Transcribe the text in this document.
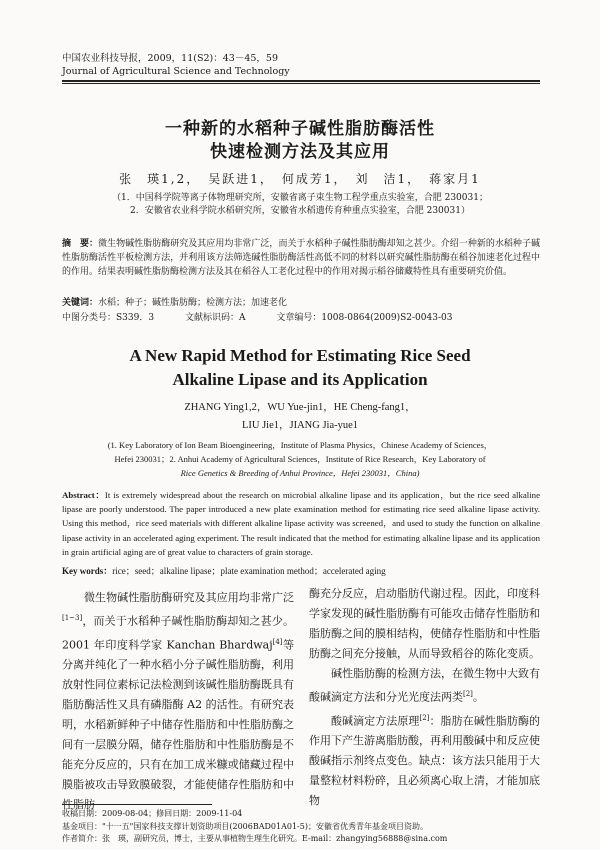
中国农业科技导报，2009，11(S2)：43－45，59
Journal of Agricultural Science and Technology
一种新的水稻种子碱性脂肪酶活性
快速检测方法及其应用
张　瑛1,2，　吴跃进1，　何成芳1，　刘　洁1，　蒋家月1
（1．中国科学院等离子体物理研究所，安徽省离子束生物工程学重点实验室，合肥 230031；
2．安徽省农业科学院水稻研究所，安徽省水稻遗传育种重点实验室，合肥 230031）
摘　要：微生物碱性脂肪酶研究及其应用均非常广泛，而关于水稻种子碱性脂肪酶却知之甚少。介绍一种新的水稻种子碱性脂肪酶活性平板检测方法，并利用该方法筛选碱性脂肪酶活性高低不同的材料以研究碱性脂肪酶在稻谷加速老化过程中的作用。结果表明碱性脂肪酶检测方法及其在稻谷人工老化过程中的作用对揭示稻谷储藏特性具有重要研究价值。
关键词：水稻；种子；碱性脂肪酶；检测方法；加速老化
中图分类号：S339．3	文献标识码：A	文章编号：1008-0864(2009)S2-0043-03
A New Rapid Method for Estimating Rice Seed
Alkaline Lipase and its Application
ZHANG Ying1,2，WU Yue-jin1，HE Cheng-fang1，
LIU Jie1，JIANG Jia-yue1
(1. Key Laboratory of Ion Beam Bioengineering，Institute of Plasma Physics，Chinese Academy of Sciences，
Hefei 230031；2. Anhui Academy of Agricultural Sciences，Institute of Rice Research，Key Laboratory of
Rice Genetics & Breeding of Anhui Province，Hefei 230031，China)
Abstract：It is extremely widespread about the research on microbial alkaline lipase and its application，but the rice seed alkaline lipase are poorly understood. The paper introduced a new plate examination method for estimating rice seed alkaline lipase activity. Using this method，rice seed materials with different alkaline lipase activity was screened，and used to study the function on alkaline lipase activity in an accelerated aging experiment. The result indicated that the method for estimating alkaline lipase and its application in grain artificial aging are of great value to characters of grain storage.
Key words：rice；seed；alkaline lipase；plate examination method；accelerated aging

微生物碱性脂肪酶研究及其应用均非常广泛[1~3]，而关于水稻种子碱性脂肪酶却知之甚少。2001 年印度科学家 Kanchan Bhardwaj[4]等分离并纯化了一种水稻小分子碱性脂肪酶，利用放射性同位素标记法检测到该碱性脂肪酶既具有脂肪酶活性又具有磷脂酶 A2 的活性。有研究表明，水稻新鲜种子中储存性脂肪和中性脂肪酶之间有一层膜分隔，储存性脂肪和中性脂肪酶是不能充分反应的，只有在加工成米糠或储藏过程中膜脂被攻击导致膜破裂，才能使储存性脂肪和中性脂肪

酶充分反应，启动脂肪代谢过程。因此，印度科学家发现的碱性脂肪酶有可能攻击储存性脂肪和脂肪酶之间的膜相结构，使储存性脂肪和中性脂肪酶之间充分接触，从而导致稻谷的陈化变质。

碱性脂肪酶的检测方法，在微生物中大致有酸碱滴定方法和分光光度法两类[2]。

酸碱滴定方法原理[2]：脂肪在碱性脂肪酶的作用下产生游离脂肪酸，再利用酸碱中和反应使酸碱指示剂终点变色。缺点：该方法只能用于大量整粒材料粉碎，且必须离心取上清，才能加底物

收稿日期：2009-08-04；修回日期：2009-11-04
基金项目："十一五"国家科技支撑计划资助项目(2006BAD01A01-5)；安徽省优秀青年基金项目资助。
作者简介：张　瑛，副研究员，博士，主要从事植物生理生化研究。E-mail：zhangying56888@sina.com
